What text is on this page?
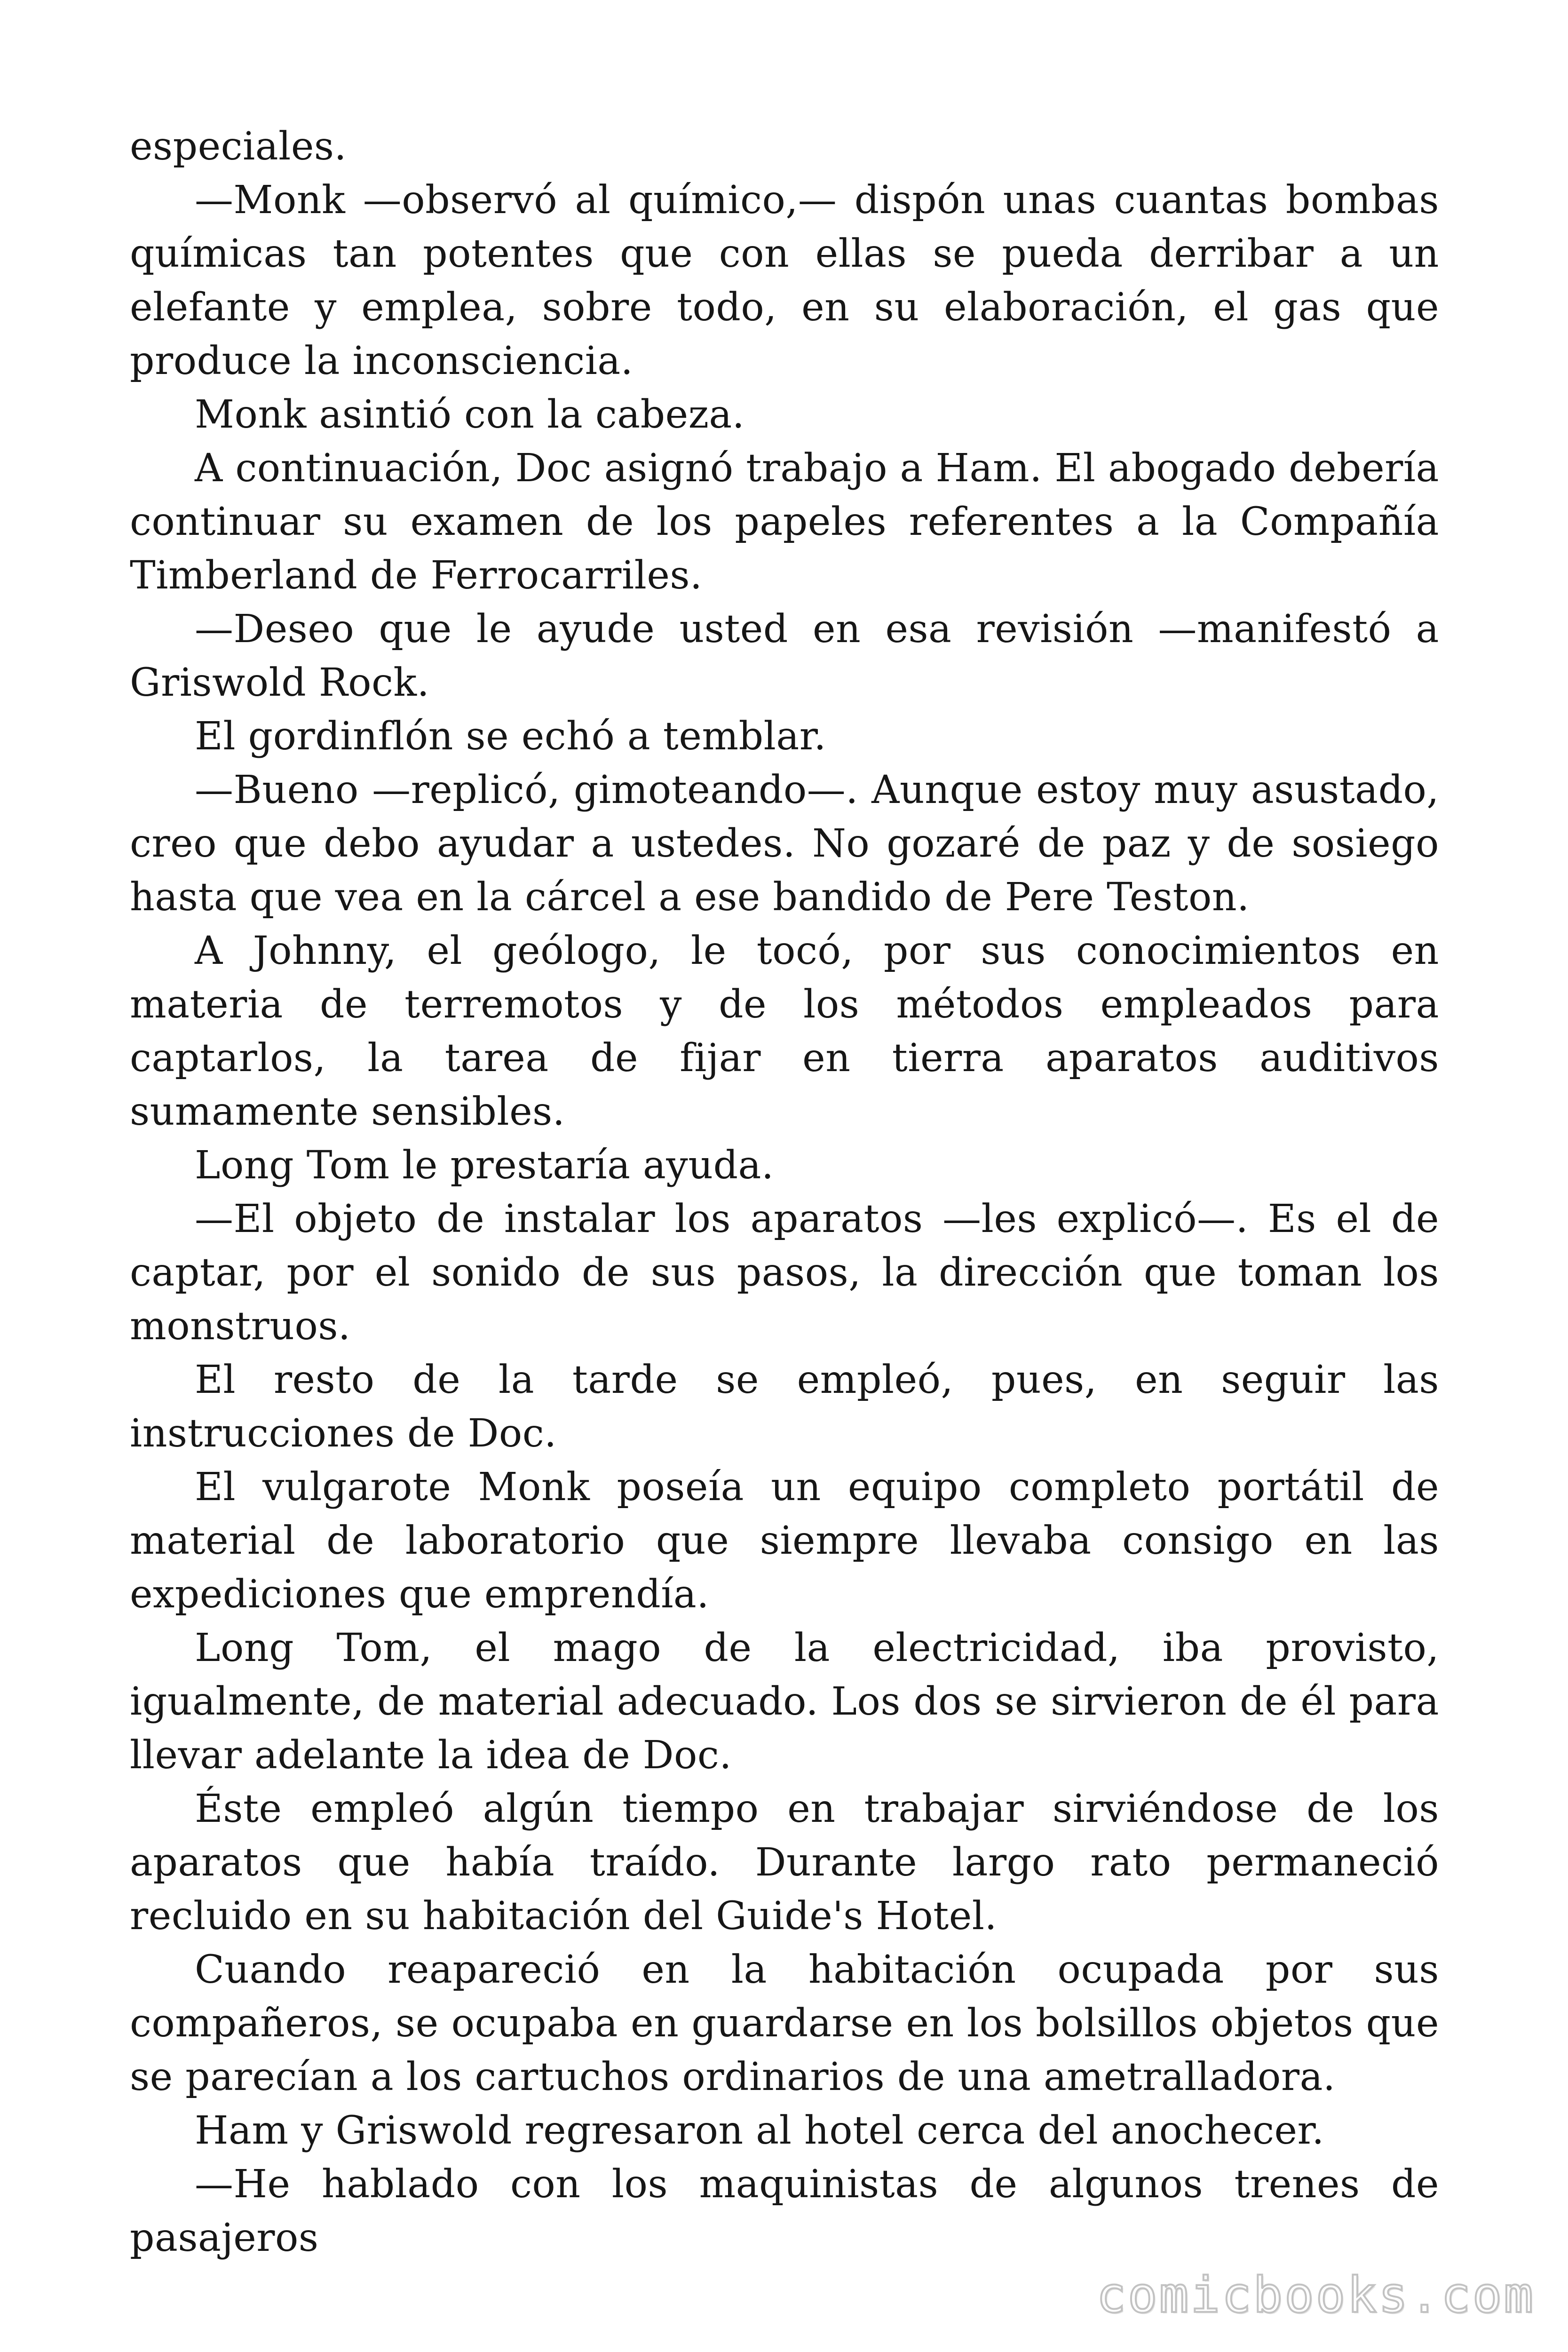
especiales.

—Monk —observó al químico,— dispón unas cuantas bombas químicas tan potentes que con ellas se pueda derribar a un elefante y emplea, sobre todo, en su elaboración, el gas que produce la inconsciencia.

Monk asintió con la cabeza.

A continuación, Doc asignó trabajo a Ham. El abogado debería continuar su examen de los papeles referentes a la Compañía Timberland de Ferrocarriles.

—Deseo que le ayude usted en esa revisión —manifestó a Griswold Rock.

El gordinflón se echó a temblar.

—Bueno —replicó, gimoteando—. Aunque estoy muy asustado, creo que debo ayudar a ustedes. No gozaré de paz y de sosiego hasta que vea en la cárcel a ese bandido de Pere Teston.

A Johnny, el geólogo, le tocó, por sus conocimientos en materia de terremotos y de los métodos empleados para captarlos, la tarea de fijar en tierra aparatos auditivos sumamente sensibles.

Long Tom le prestaría ayuda.

—El objeto de instalar los aparatos —les explicó—. Es el de captar, por el sonido de sus pasos, la dirección que toman los monstruos.

El resto de la tarde se empleó, pues, en seguir las instrucciones de Doc.

El vulgarote Monk poseía un equipo completo portátil de material de laboratorio que siempre llevaba consigo en las expediciones que emprendía.

Long Tom, el mago de la electricidad, iba provisto, igualmente, de material adecuado. Los dos se sirvieron de él para llevar adelante la idea de Doc.

Éste empleó algún tiempo en trabajar sirviéndose de los aparatos que había traído. Durante largo rato permaneció recluido en su habitación del Guide's Hotel.

Cuando reapareció en la habitación ocupada por sus compañeros, se ocupaba en guardarse en los bolsillos objetos que se parecían a los cartuchos ordinarios de una ametralladora.

Ham y Griswold regresaron al hotel cerca del anochecer.

—He hablado con los maquinistas de algunos trenes de pasajeros

comicbooks.com
